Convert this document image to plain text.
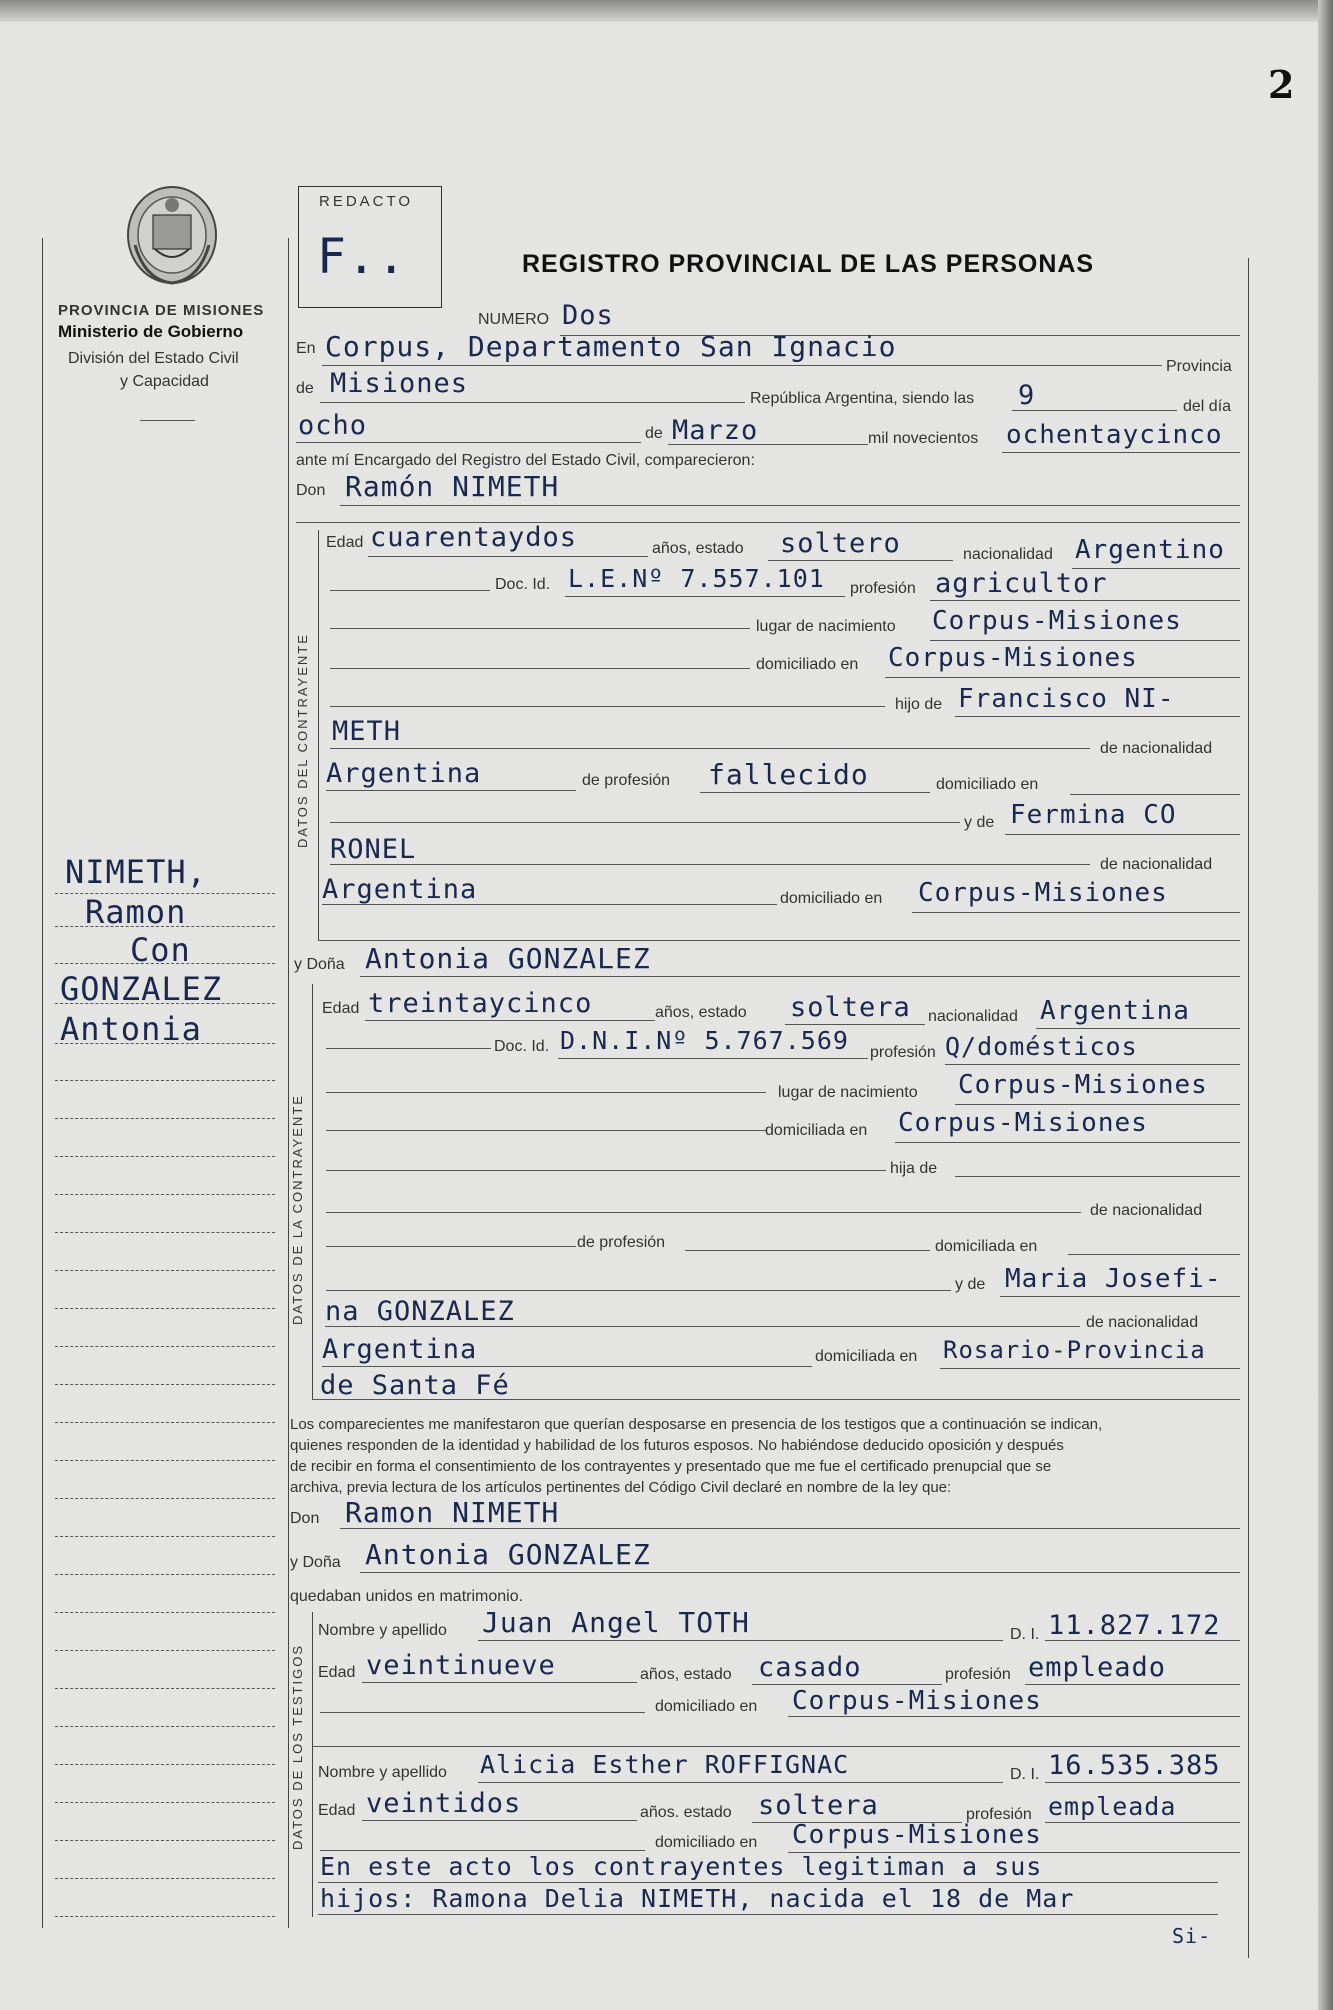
2
PROVINCIA DE MISIONES
Ministerio de Gobierno
División del Estado Civil
y Capacidad
NIMETH,
Ramon
Con
GONZALEZ
Antonia
REDACTO
F..	REGISTRO PROVINCIAL DE LAS PERSONAS
NUMERO Dos
En Corpus, Departamento San Ignacio
Provincia
de Misiones	República Argentina, siendo las 9	del día
ocho	de Marzo	mil novecientos ochentaycinco
ante mí Encargado del Registro del Estado Civil, comparecieron:
Don Ramón NIMETH
DATOS DEL CONTRAYENTE
Edad cuarentaydos	años, estado soltero	nacionalidad Argentino
Doc. Id. L.E.Nº 7.557.101 profesión agricultor
lugar de nacimiento Corpus-Misiones
domiciliado en Corpus-Misiones
hijo de Francisco NI-
METH
de nacionalidad
Argentina	de profesión fallecido	domiciliado en
y de Fermina CO
RONEL	de nacionalidad
Argentina	domiciliado en Corpus-Misiones
y Doña Antonia GONZALEZ
DATOS DE LA CONTRAYENTE
Edad treintaycinco	años, estado soltera nacionalidad Argentina
Doc. Id. D.N.I.Nº 5.767.569 profesión Q/domésticos
lugar de nacimiento Corpus-Misiones
domiciliada en Corpus-Misiones
hija de
de nacionalidad
de profesión	domiciliada en
y de Maria Josefi-
na GONZALEZ	de nacionalidad
Argentina	domiciliada en Rosario-Provincia
de Santa Fé
Los comparecientes me manifestaron que querían desposarse en presencia de los testigos que a continuación se indican,
quienes responden de la identidad y habilidad de los futuros esposos. No habiéndose deducido oposición y después
de recibir en forma el consentimiento de los contrayentes y presentado que me fue el certificado prenupcial que se
archiva, previa lectura de los artículos pertinentes del Código Civil declaré en nombre de la ley que:
Don Ramon NIMETH
y Doña Antonia GONZALEZ
quedaban unidos en matrimonio.
DATOS DE LOS TESTIGOS
Nombre y apellido Juan Angel TOTH	D. I. 11.827.172
Edad veintinueve	años, estado casado	profesión empleado
domiciliado en Corpus-Misiones
Nombre y apellido Alicia Esther ROFFIGNAC	D. I. 16.535.385
Edad veintidos	años. estado soltera	profesión empleada
domiciliado en Corpus-Misiones
En este acto los contrayentes legitiman a sus
hijos: Ramona Delia NIMETH, nacida el 18 de Mar
Si-
